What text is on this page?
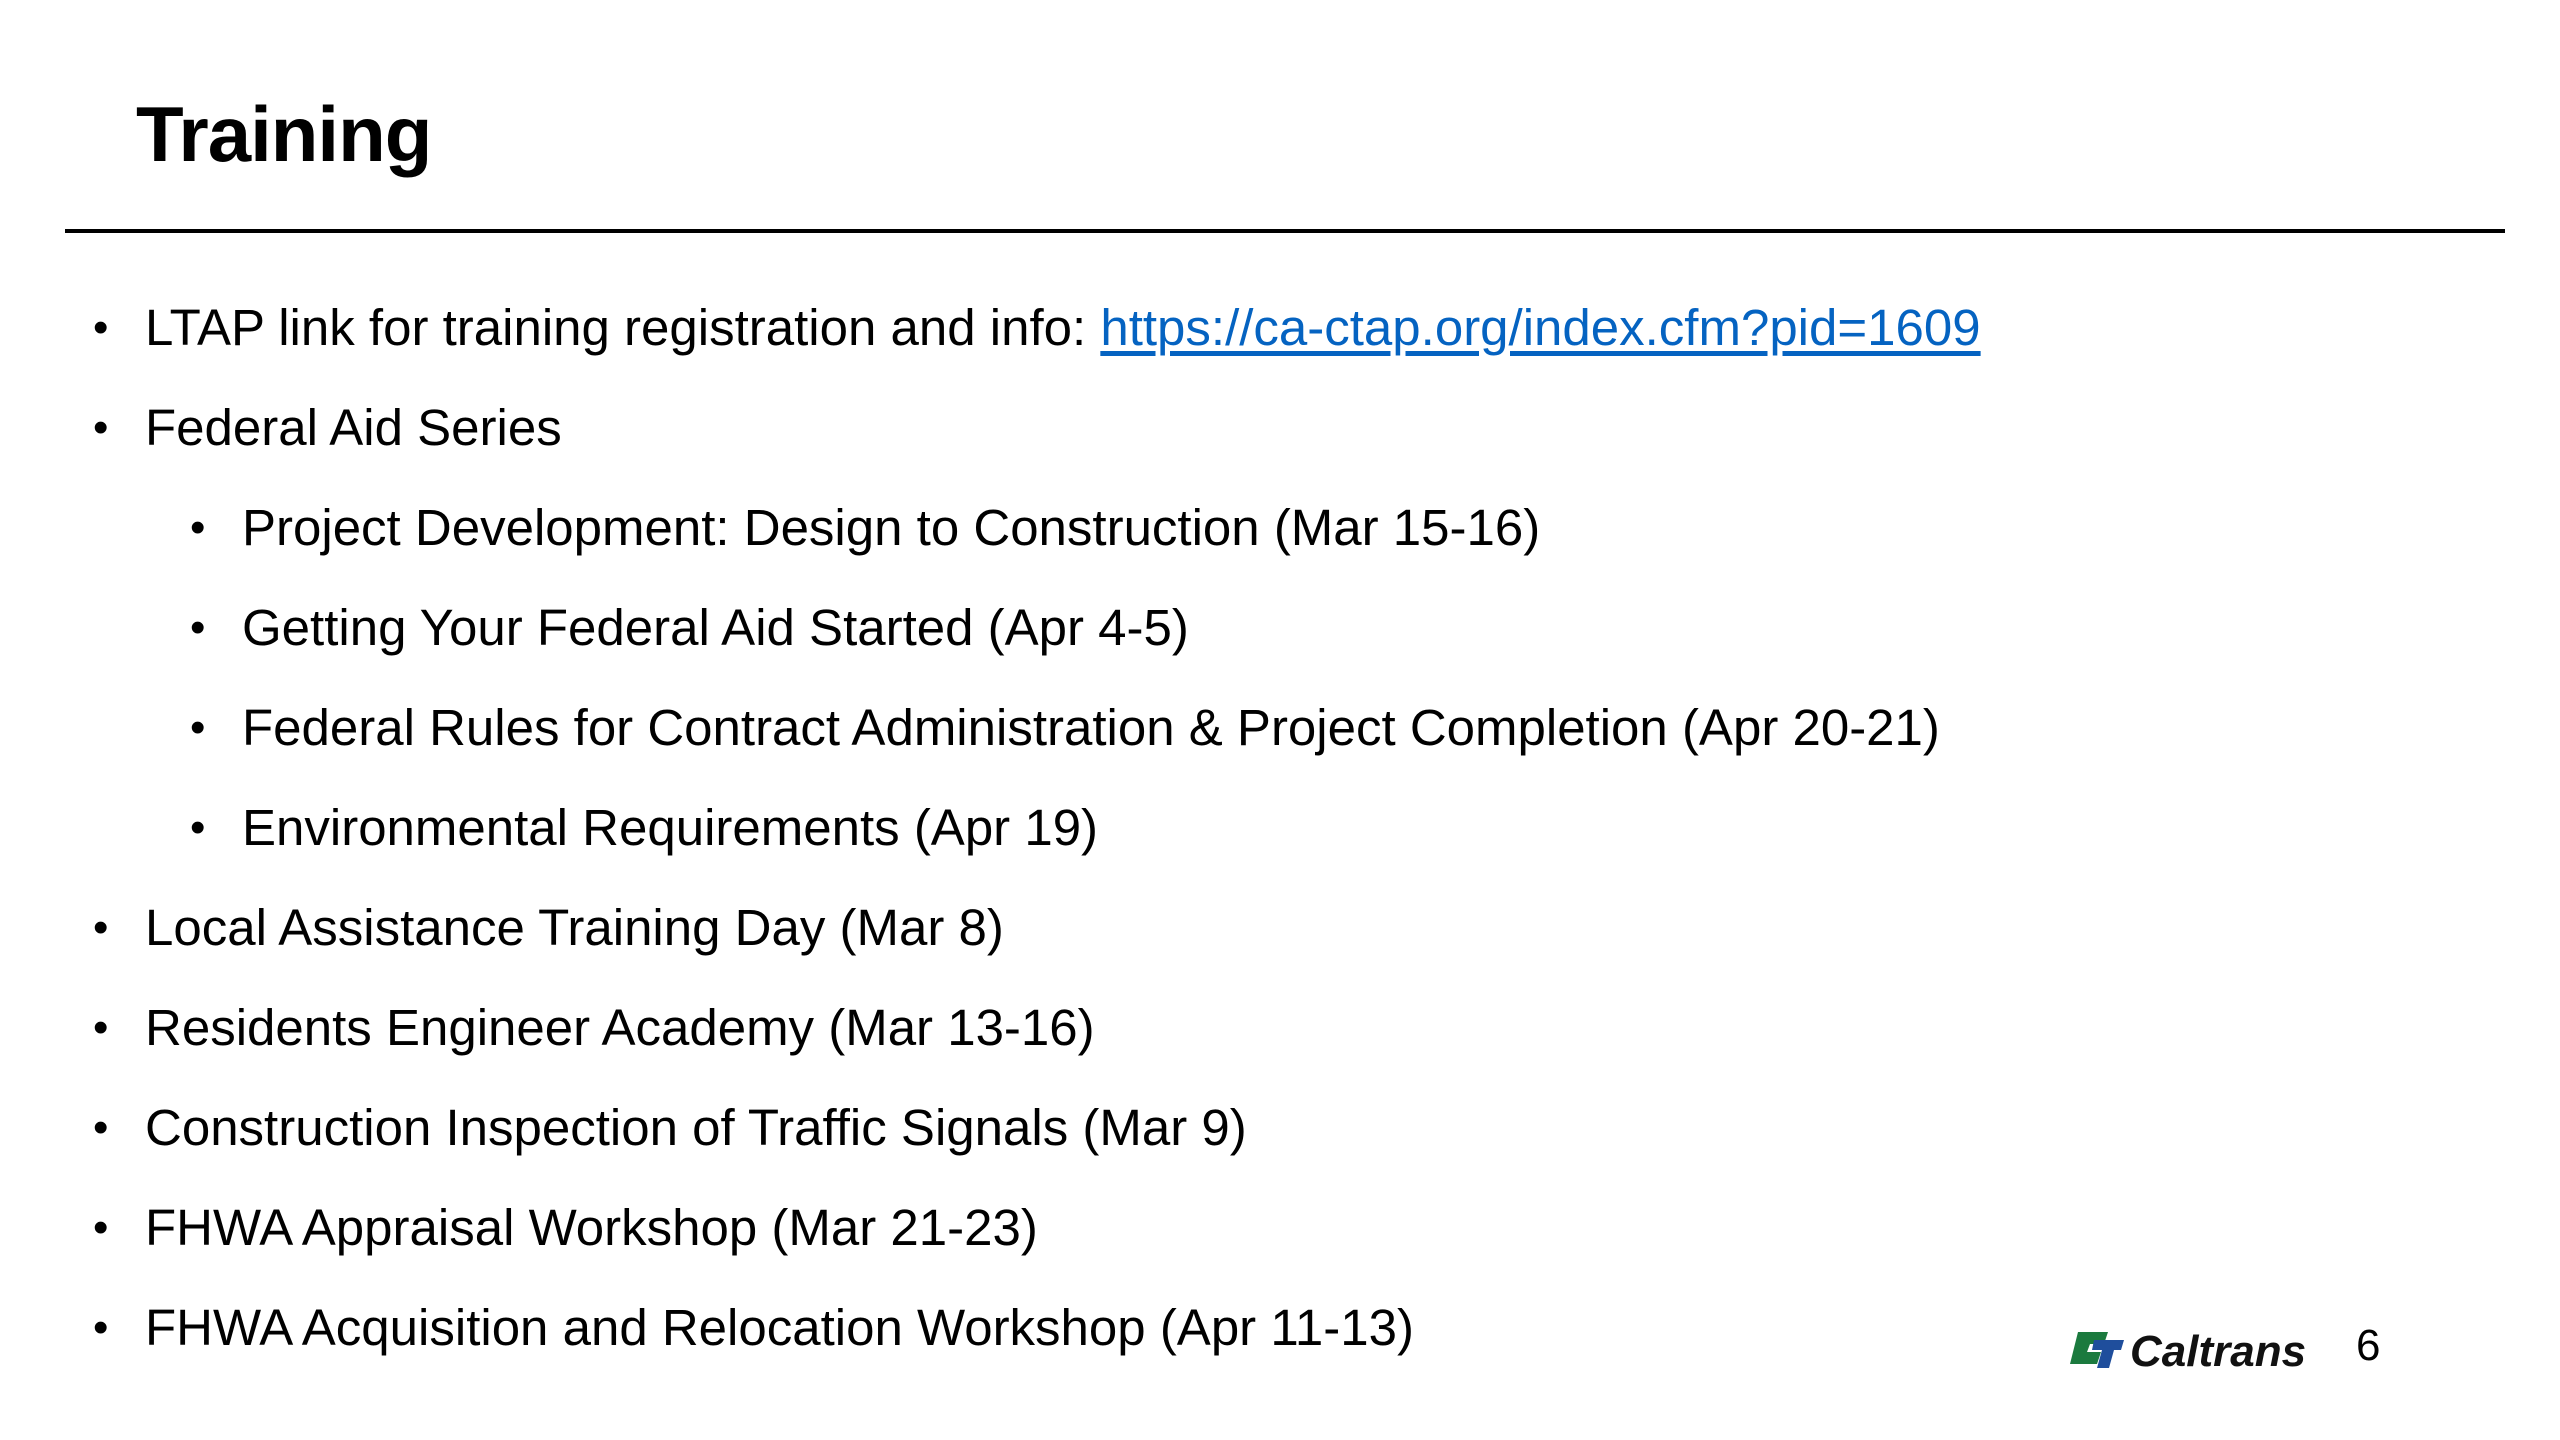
Training
• LTAP link for training registration and info: https://ca-ctap.org/index.cfm?pid=1609
• Federal Aid Series
• Project Development: Design to Construction (Mar 15-16)
• Getting Your Federal Aid Started (Apr 4-5)
• Federal Rules for Contract Administration & Project Completion (Apr 20-21)
• Environmental Requirements (Apr 19)
• Local Assistance Training Day (Mar 8)
• Residents Engineer Academy (Mar 13-16)
• Construction Inspection of Traffic Signals (Mar 9)
• FHWA Appraisal Workshop (Mar 21-23)
• FHWA Acquisition and Relocation Workshop (Apr 11-13)	Caltrans 6
